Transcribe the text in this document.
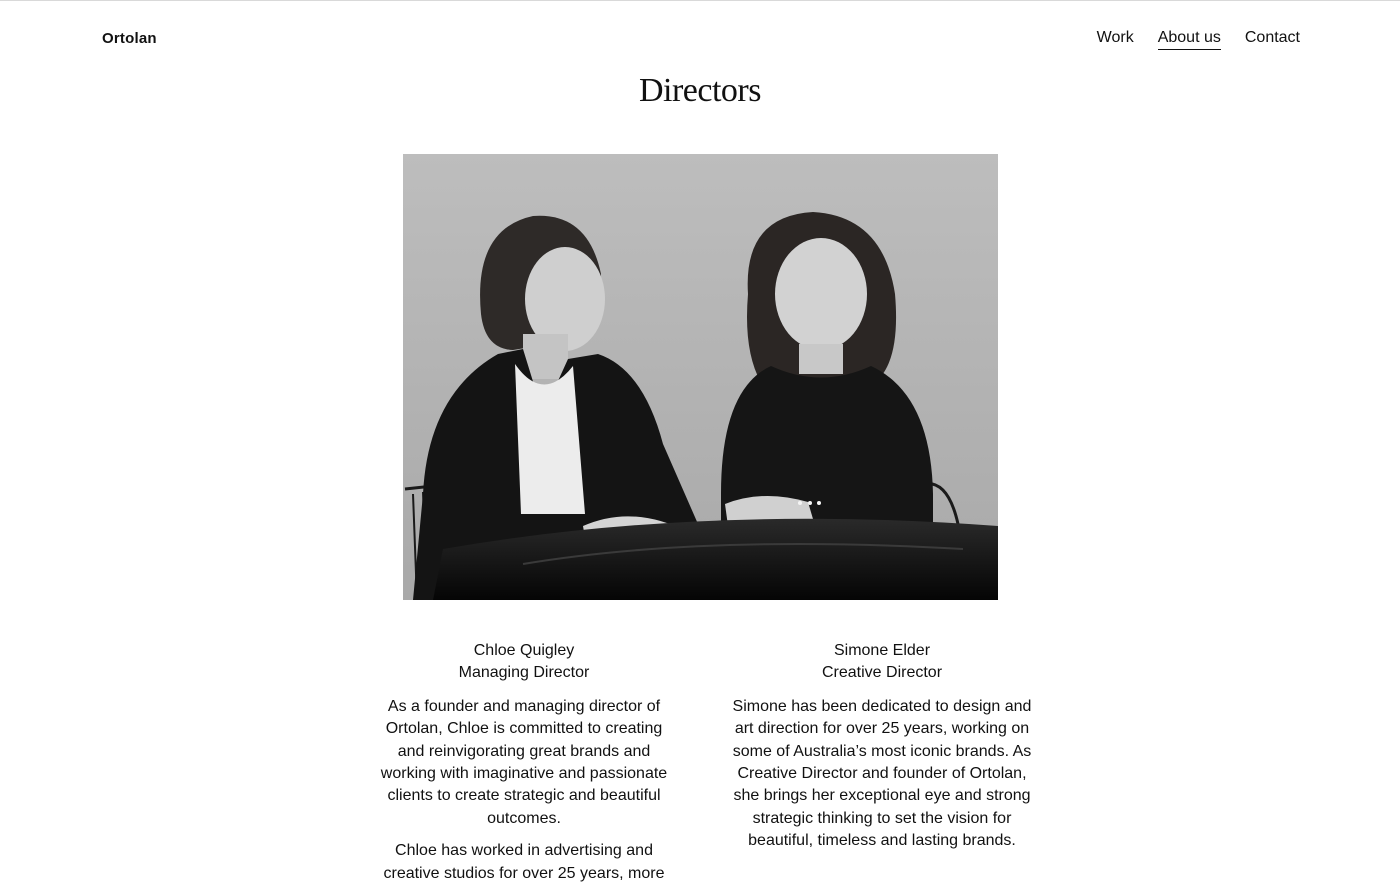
Ortolan	Work About us Contact
Directors

Chloe Quigley

Managing Director

As a founder and managing director of Ortolan, Chloe is committed to creating and reinvigorating great brands and working with imaginative and passionate clients to create strategic and beautiful outcomes.

Chloe has worked in advertising and creative studios for over 25 years, more

Simone Elder

Creative Director

Simone has been dedicated to design and art direction for over 25 years, working on some of Australia’s most iconic brands. As Creative Director and founder of Ortolan, she brings her exceptional eye and strong strategic thinking to set the vision for beautiful, timeless and lasting brands.
